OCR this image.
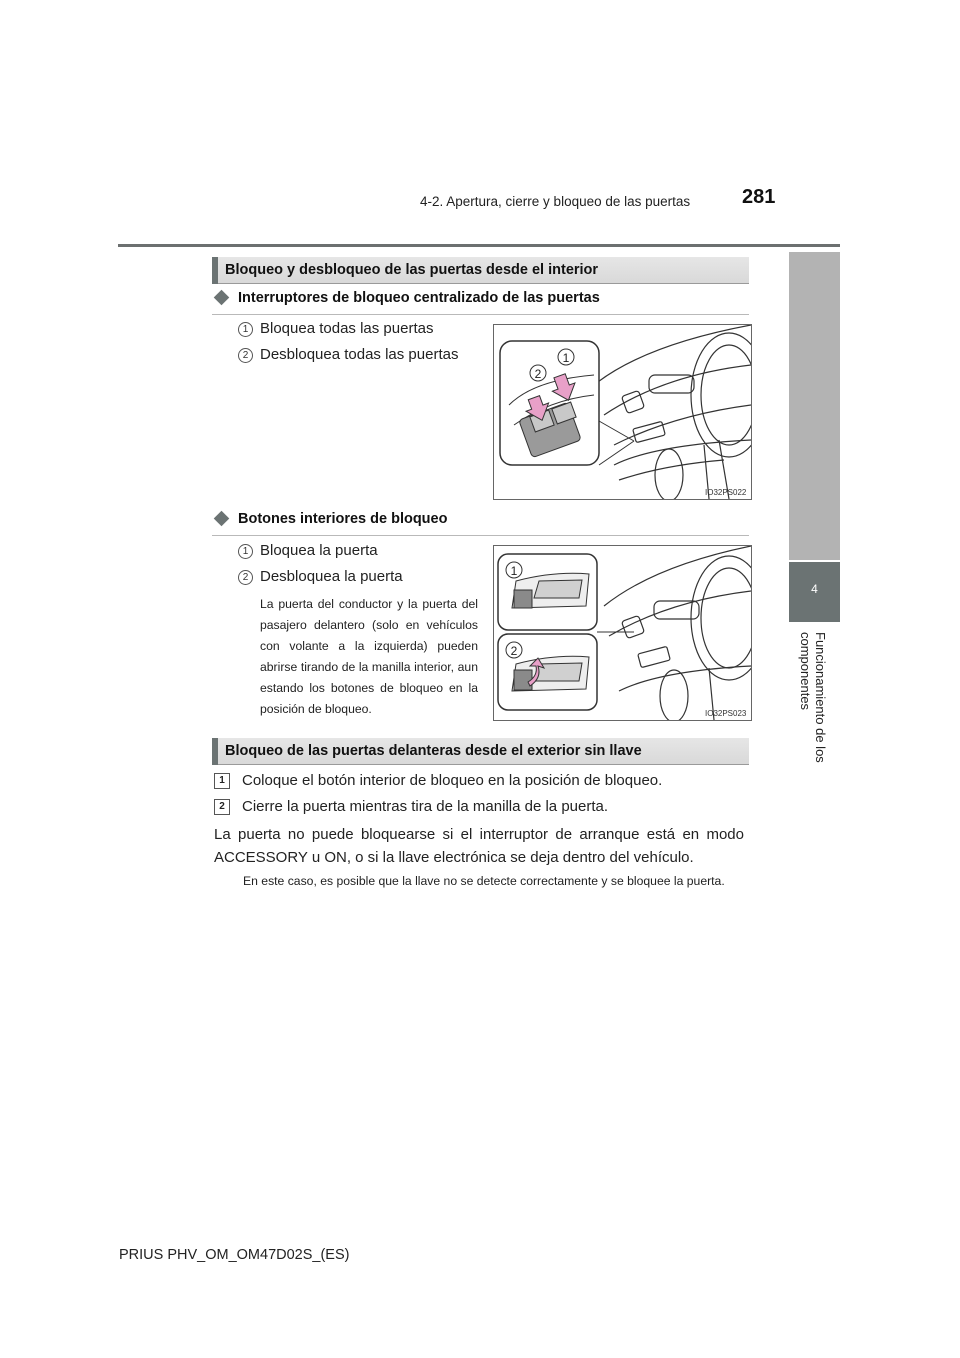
4-2. Apertura, cierre y bloqueo de las puertas	281
4
Funcionamiento de los componentes
Bloqueo y desbloqueo de las puertas desde el interior
Interruptores de bloqueo centralizado de las puertas
1 Bloquea todas las puertas
2 Desbloquea todas las puertas
2
1
IO32PS022
Botones interiores de bloqueo
1 Bloquea la puerta
2 Desbloquea la puerta
La puerta del conductor y la puerta del pasajero delantero (solo en vehículos con volante a la izquierda) pueden abrirse tirando de la manilla interior, aun estando los botones de bloqueo en la posición de bloqueo.
1
2
IO32PS023
Bloqueo de las puertas delanteras desde el exterior sin llave
1	Coloque el botón interior de bloqueo en la posición de bloqueo.
2	Cierre la puerta mientras tira de la manilla de la puerta.
La puerta no puede bloquearse si el interruptor de arranque está en modo ACCESSORY u ON, o si la llave electrónica se deja dentro del vehículo.
En este caso, es posible que la llave no se detecte correctamente y se bloquee la puerta.
PRIUS PHV_OM_OM47D02S_(ES)
